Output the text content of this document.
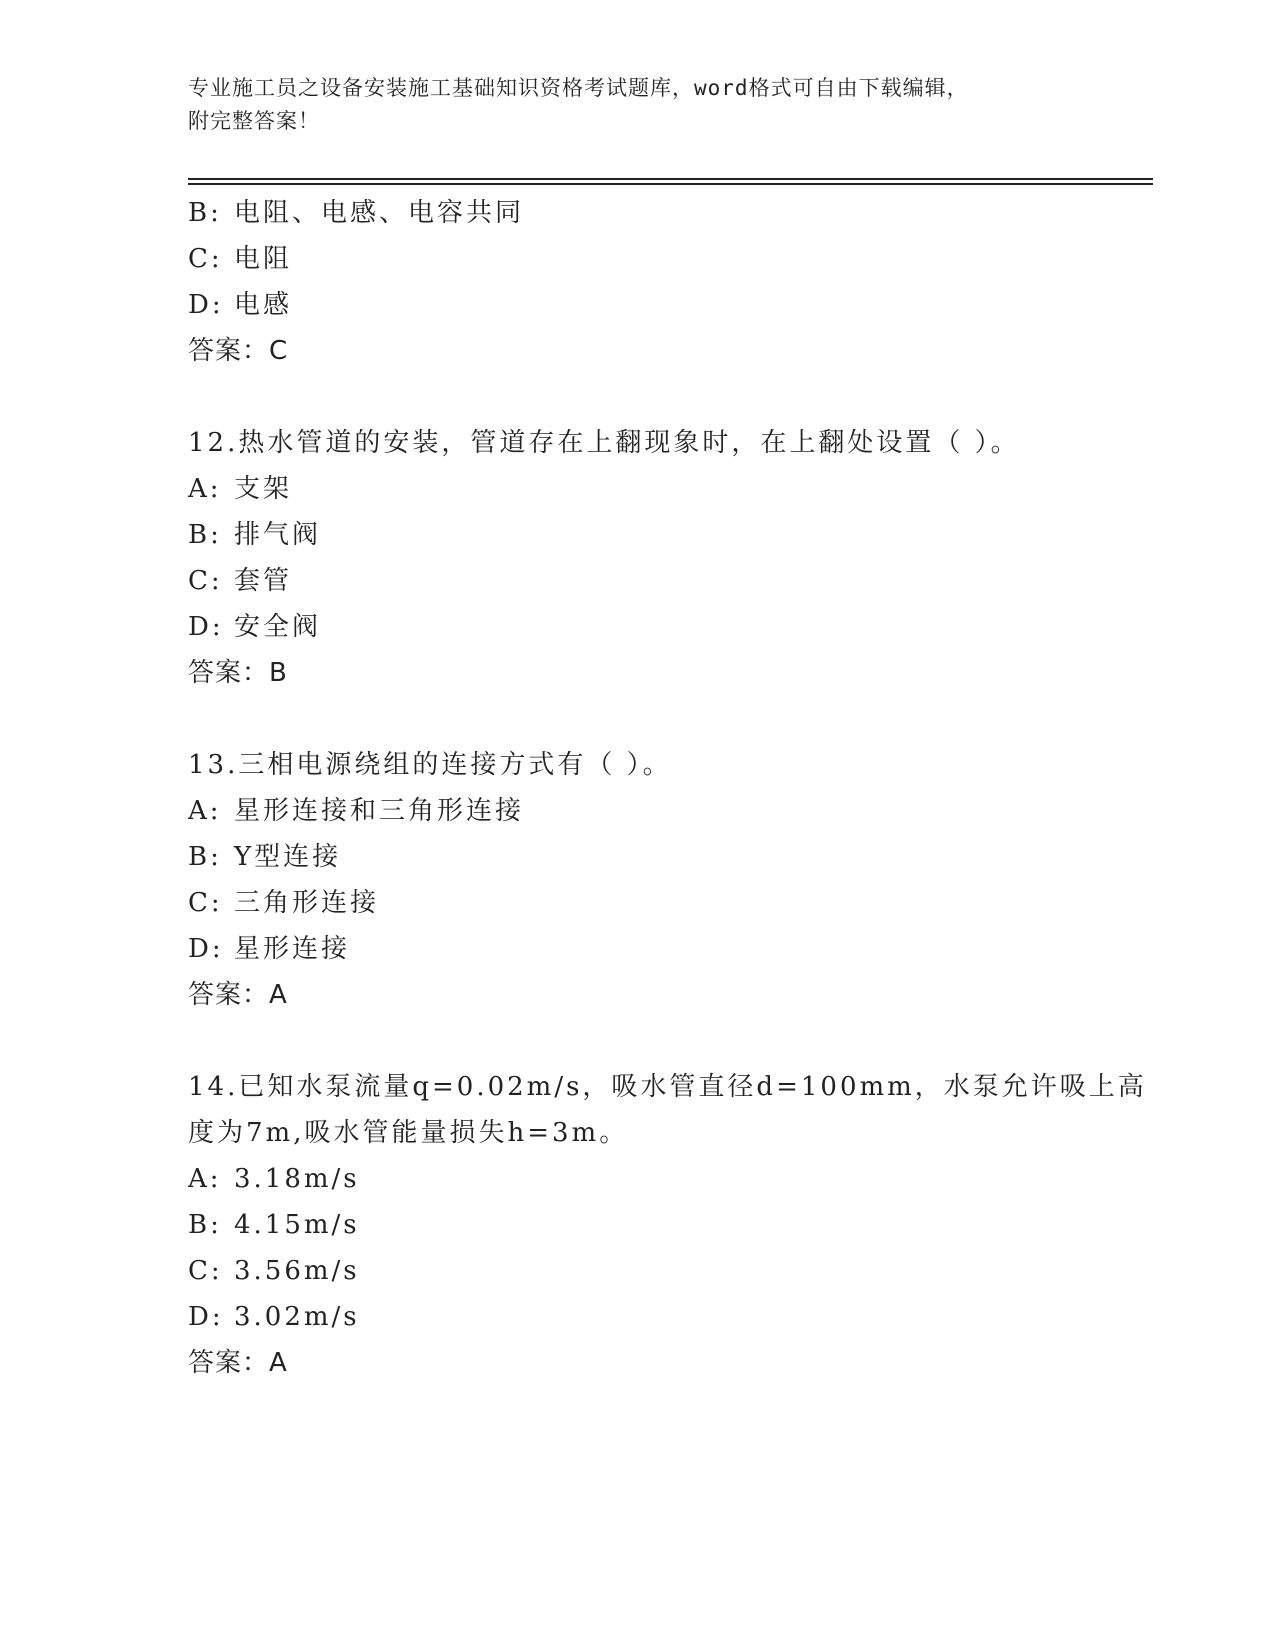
专业施工员之设备安装施工基础知识资格考试题库，word格式可自由下载编辑，
附完整答案！
B: 电阻、电感、电容共同
C: 电阻
D: 电感
答案：C
12.热水管道的安装，管道存在上翻现象时，在上翻处设置（ ）。
A: 支架
B: 排气阀
C: 套管
D: 安全阀
答案：B
13.三相电源绕组的连接方式有（ ）。
A: 星形连接和三角形连接
B: Y型连接
C: 三角形连接
D: 星形连接
答案：A
14.已知水泵流量q=0.02m/s，吸水管直径d=100mm，水泵允许吸上高
度为7m,吸水管能量损失h=3m。
A: 3.18m/s
B: 4.15m/s
C: 3.56m/s
D: 3.02m/s
答案：A
